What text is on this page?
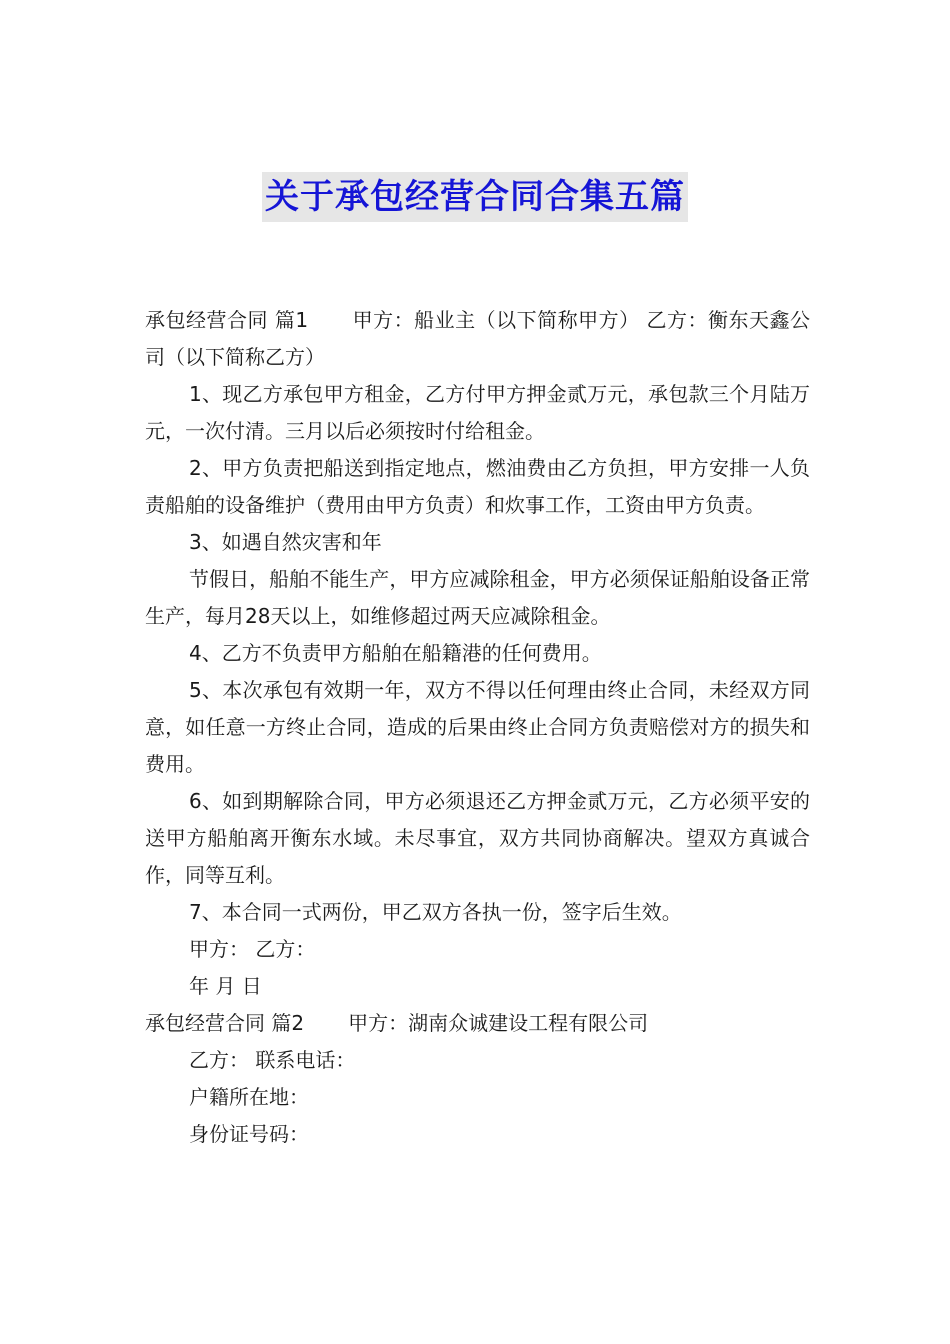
关于承包经营合同合集五篇

承包经营合同 篇1 甲方：船业主（以下简称甲方） 乙方：衡东天鑫公司（以下简称乙方）

1、现乙方承包甲方租金，乙方付甲方押金贰万元，承包款三个月陆万元，一次付清。三月以后必须按时付给租金。

2、甲方负责把船送到指定地点，燃油费由乙方负担，甲方安排一人负责船舶的设备维护（费用由甲方负责）和炊事工作，工资由甲方负责。

3、如遇自然灾害和年

节假日，船舶不能生产，甲方应减除租金，甲方必须保证船舶设备正常生产，每月28天以上，如维修超过两天应减除租金。

4、乙方不负责甲方船舶在船籍港的任何费用。

5、本次承包有效期一年，双方不得以任何理由终止合同，未经双方同意，如任意一方终止合同，造成的后果由终止合同方负责赔偿对方的损失和费用。

6、如到期解除合同，甲方必须退还乙方押金贰万元，乙方必须平安的送甲方船舶离开衡东水域。未尽事宜，双方共同协商解决。望双方真诚合作，同等互利。

7、本合同一式两份，甲乙双方各执一份，签字后生效。

甲方： 乙方：

年 月 日

承包经营合同 篇2 甲方：湖南众诚建设工程有限公司

乙方： 联系电话：

户籍所在地：

身份证号码：
